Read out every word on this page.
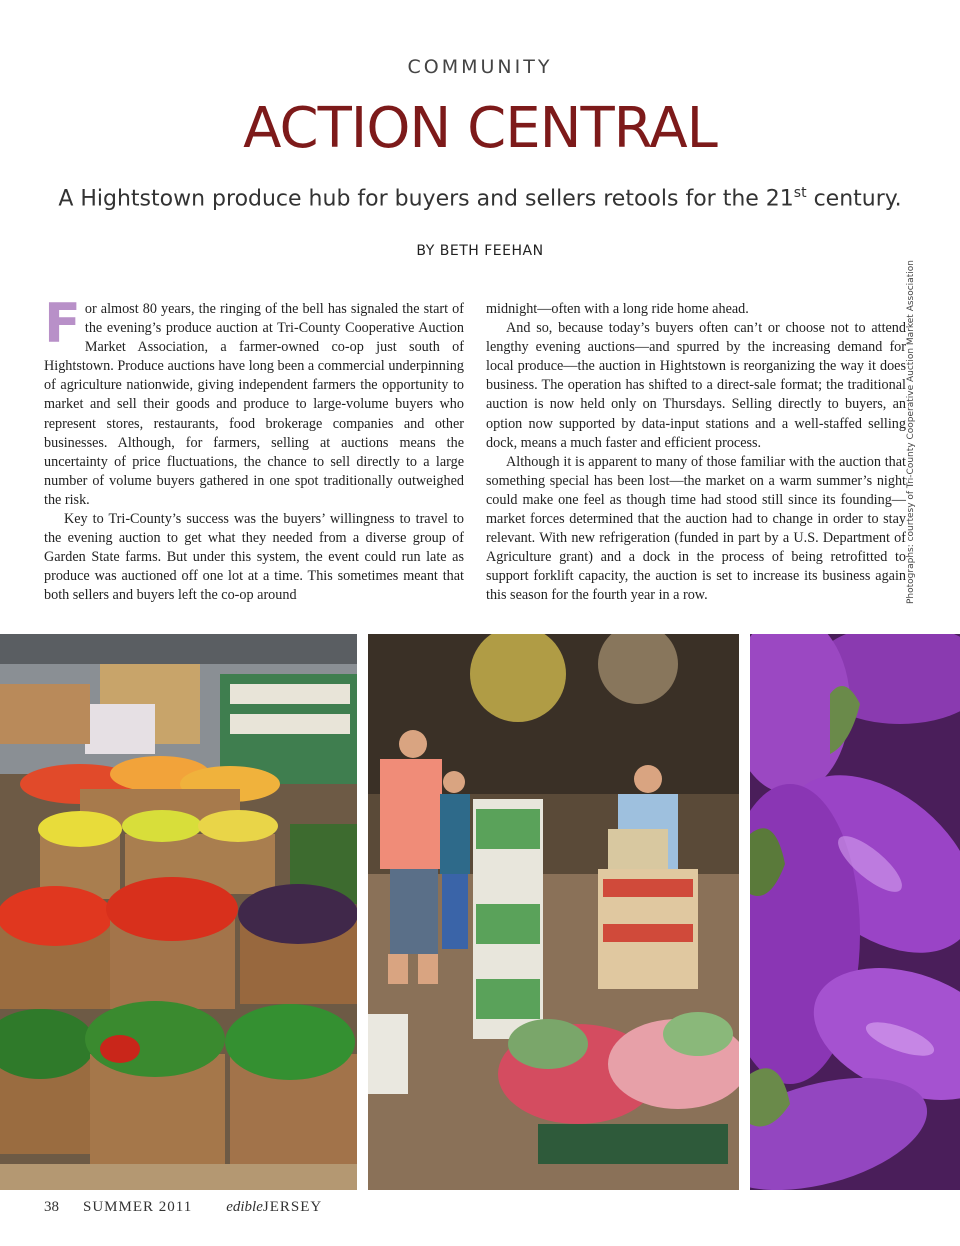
COMMUNITY
ACTION CENTRAL
A Hightstown produce hub for buyers and sellers retools for the 21st century.
BY BETH FEEHAN

For almost 80 years, the ringing of the bell has signaled the start of the evening’s produce auction at Tri-County Cooperative Auction Market Association, a farmer-owned co-op just south of Hightstown. Produce auctions have long been a commercial underpinning of agriculture nationwide, giving independent farmers the opportunity to market and sell their goods and produce to large-volume buyers who represent stores, restaurants, food brokerage companies and other businesses. Although, for farmers, selling at auctions means the uncertainty of price fluctuations, the chance to sell directly to a large number of volume buyers gathered in one spot traditionally outweighed the risk.

Key to Tri-County’s success was the buyers’ willingness to travel to the evening auction to get what they needed from a diverse group of Garden State farms. But under this system, the event could run late as produce was auctioned off one lot at a time. This sometimes meant that both sellers and buyers left the co-op around

midnight—often with a long ride home ahead.

And so, because today’s buyers often can’t or choose not to attend lengthy evening auctions—and spurred by the increasing demand for local produce—the auction in Hightstown is reorganizing the way it does business. The operation has shifted to a direct-sale format; the traditional auction is now held only on Thursdays. Selling directly to buyers, an option now supported by data-input stations and a well-staffed selling dock, means a much faster and efficient process.

Although it is apparent to many of those familiar with the auction that something special has been lost—the market on a warm summer’s night could make one feel as though time had stood still since its founding—market forces determined that the auction had to change in order to stay relevant. With new refrigeration (funded in part by a U.S. Department of Agriculture grant) and a dock in the process of being retrofitted to support forklift capacity, the auction is set to increase its business again this season for the fourth year in a row.	Photographs: courtesy of Tri-County Cooperative Auction Market Association
38 SUMMER 2011 edibleJERSEY
